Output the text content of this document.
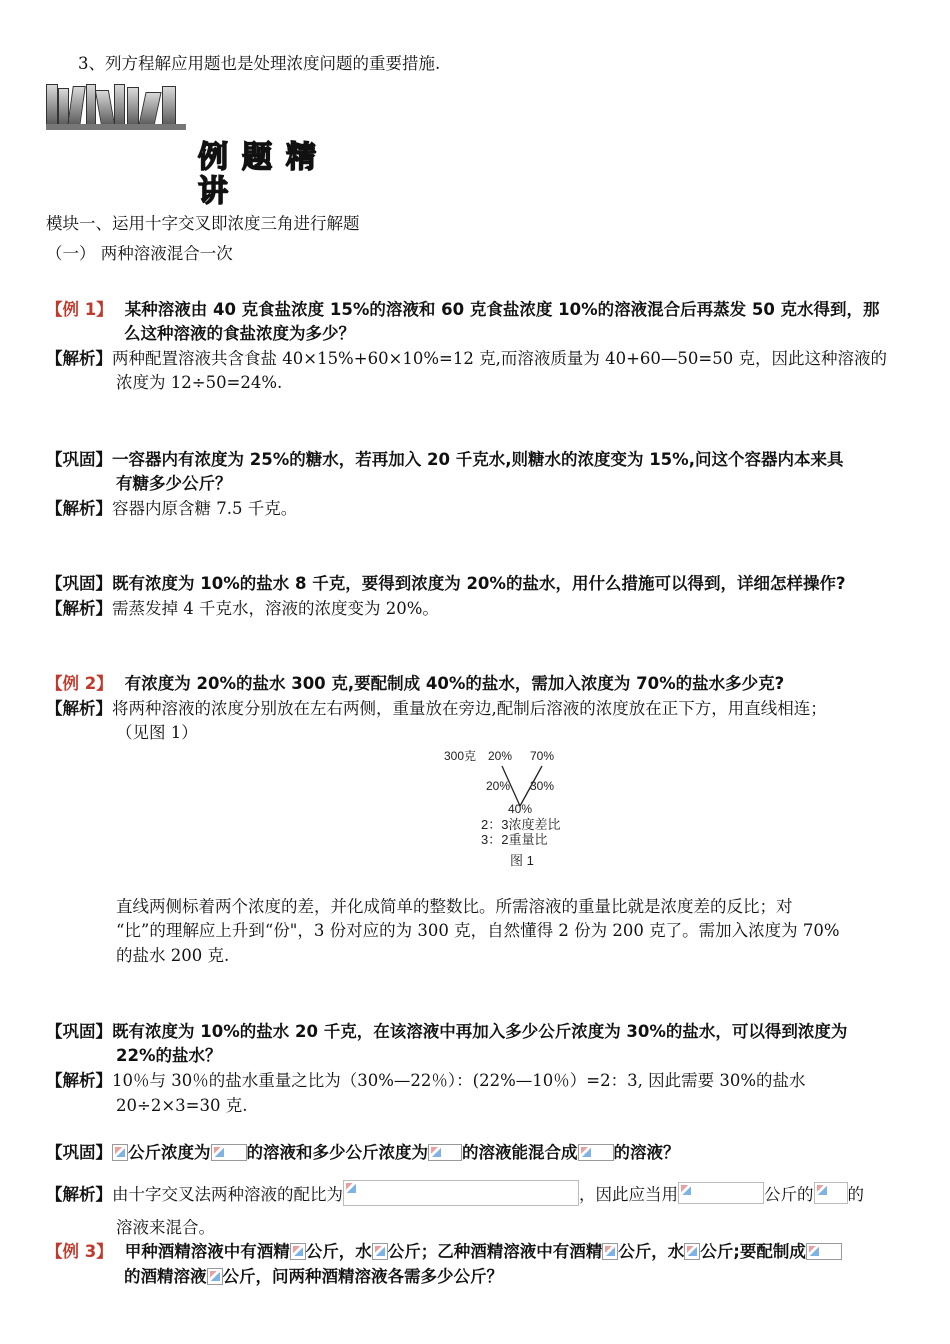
3、列方程解应用题也是处理浓度问题的重要措施.
例题精
讲
模块一、运用十字交叉即浓度三角进行解题
（一） 两种溶液混合一次
【例 1】 某种溶液由 40 克食盐浓度 15%的溶液和 60 克食盐浓度 10%的溶液混合后再蒸发 50 克水得到，那
么这种溶液的食盐浓度为多少？
【解析】两种配置溶液共含食盐 40×15%+60×10%=12 克,而溶液质量为 40+60—50=50 克，因此这种溶液的
浓度为 12÷50=24%.
【巩固】一容器内有浓度为 25%的糖水，若再加入 20 千克水,则糖水的浓度变为 15%,问这个容器内本来具
有糖多少公斤？
【解析】容器内原含糖 7.5 千克。
【巩固】既有浓度为 10%的盐水 8 千克，要得到浓度为 20%的盐水，用什么措施可以得到，详细怎样操作?
【解析】需蒸发掉 4 千克水，溶液的浓度变为 20%。
【例 2】 有浓度为 20%的盐水 300 克,要配制成 40%的盐水，需加入浓度为 70%的盐水多少克?
【解析】将两种溶液的浓度分别放在左右两侧，重量放在旁边,配制后溶液的浓度放在正下方，用直线相连；
（见图 1）
300克 20% 70%
20% 30%
40%
2：3浓度差比
3：2重量比
图 1
直线两侧标着两个浓度的差，并化成简单的整数比。所需溶液的重量比就是浓度差的反比；对
“比”的理解应上升到“份"，3 份对应的为 300 克，自然懂得 2 份为 200 克了。需加入浓度为 70%
的盐水 200 克.
【巩固】既有浓度为 10%的盐水 20 千克，在该溶液中再加入多少公斤浓度为 30%的盐水，可以得到浓度为
22%的盐水？
【解析】10％与 30％的盐水重量之比为（30%—22％）：(22%—10％）=2：3, 因此需要 30%的盐水
20÷2×3=30 克.
【巩固】 公斤浓度为 的溶液和多少公斤浓度为 的溶液能混合成 的溶液？
【解析】由十字交叉法两种溶液的配比为	，因此应当用	公斤的 的
溶液来混合。
【例 3】 甲种酒精溶液中有酒精 公斤，水 公斤；乙种酒精溶液中有酒精 公斤，水 公斤;要配制成
的酒精溶液 公斤，问两种酒精溶液各需多少公斤？
